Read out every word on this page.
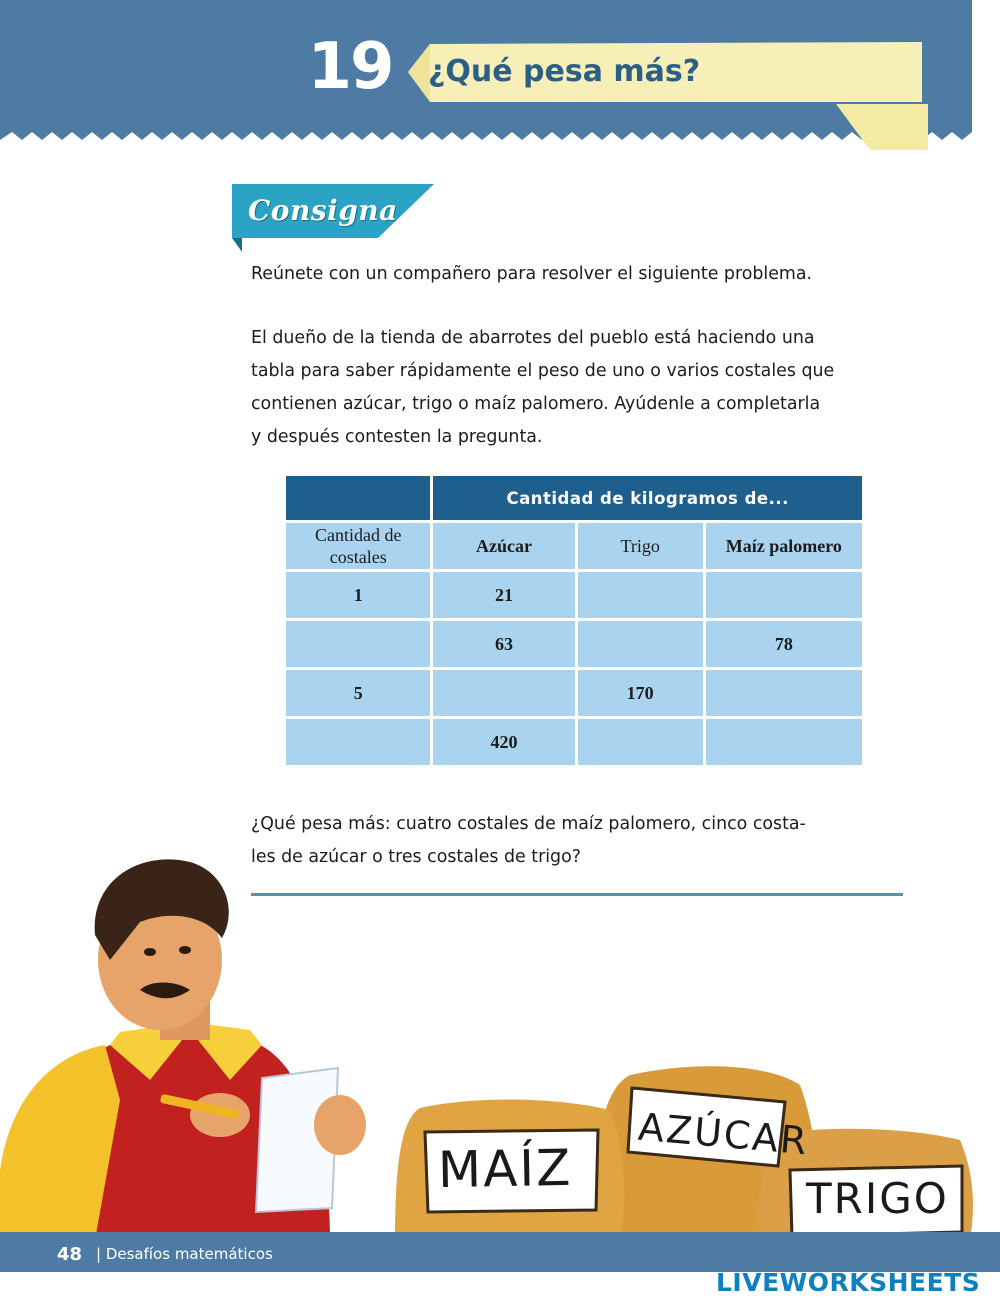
19 ¿Qué pesa más?
Consigna
Reúnete con un compañero para resolver el siguiente problema.
El dueño de la tienda de abarrotes del pueblo está haciendo una
tabla para saber rápidamente el peso de uno o varios costales que
contienen azúcar, trigo o maíz palomero. Ayúdenle a completarla
y después contesten la pregunta.
	Cantidad de kilogramos de...		

Cantidad de
costales	Azúcar	Trigo	Maíz palomero
1	21		
	63		78
5		170	
	420		
¿Qué pesa más: cuatro costales de maíz palomero, cinco costa-
les de azúcar o tres costales de trigo?
MAÍZ
AZÚCAR
TRIGO
48 | Desafíos matemáticos
LIVEWORKSHEETS
